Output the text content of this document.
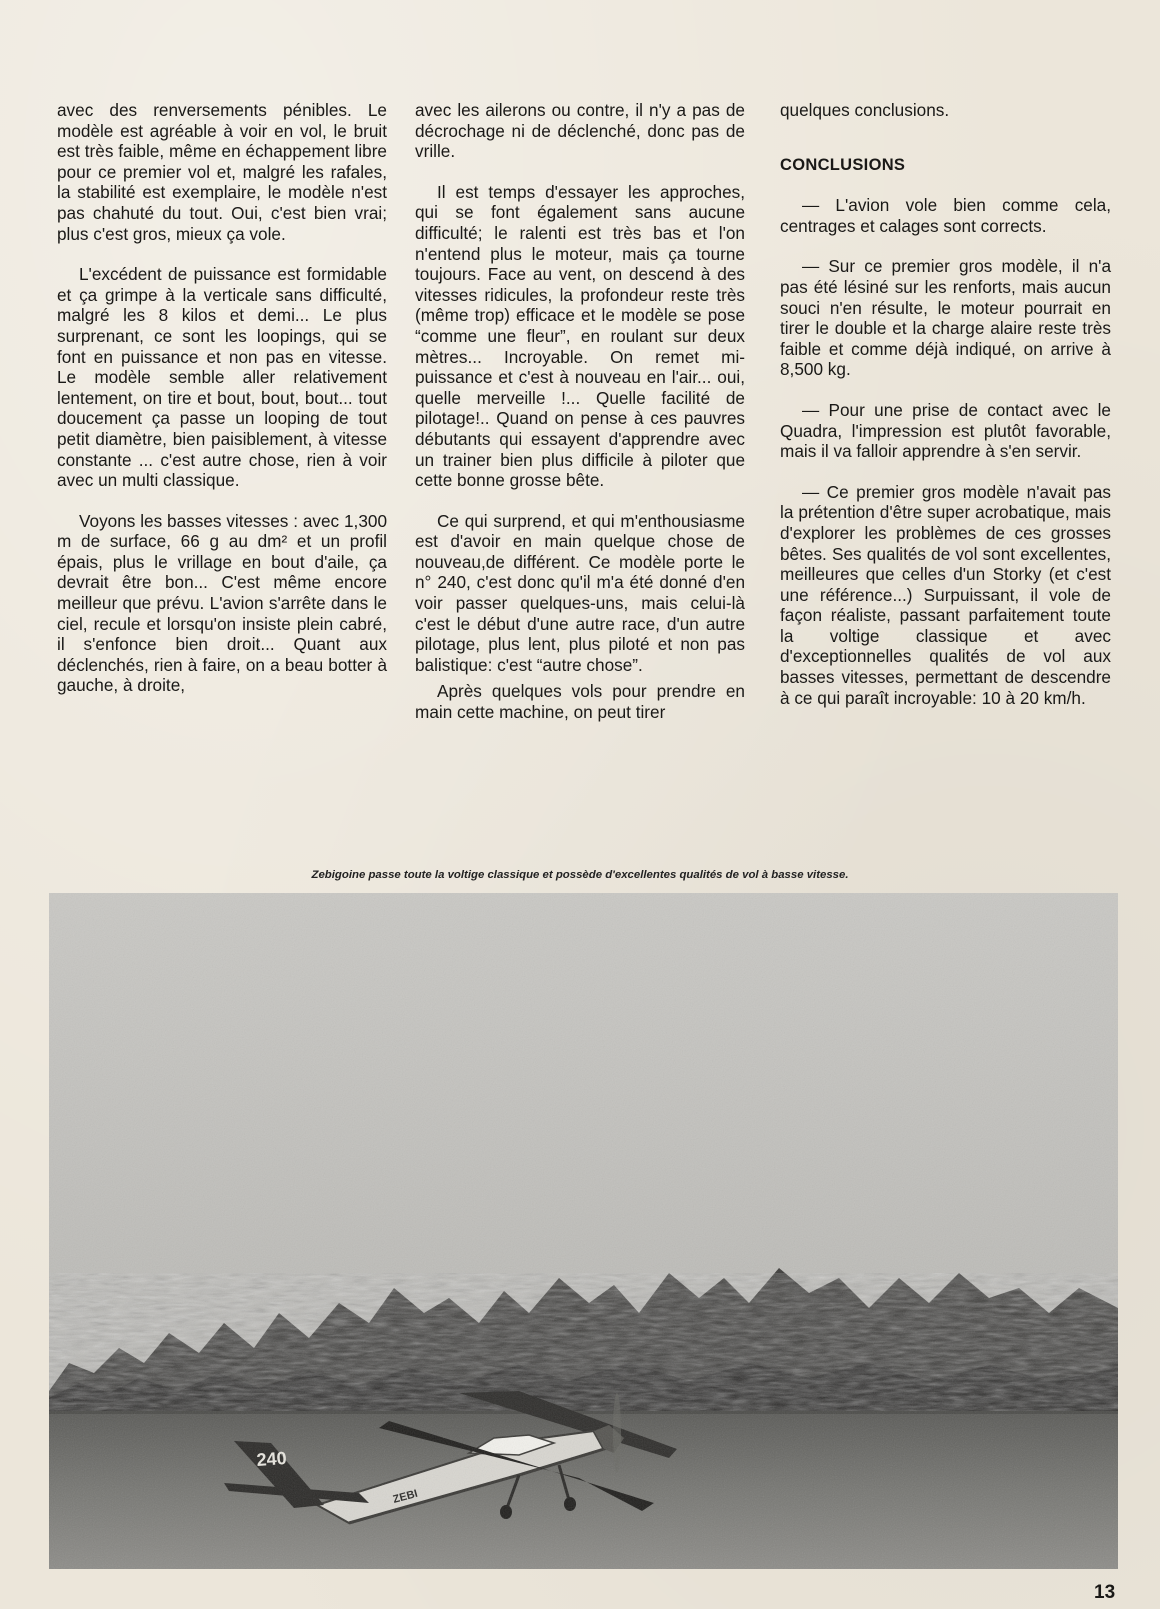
avec des renversements pénibles. Le modèle est agréable à voir en vol, le bruit est très faible, même en échappement libre pour ce premier vol et, malgré les rafales, la stabilité est exemplaire, le modèle n'est pas chahuté du tout. Oui, c'est bien vrai; plus c'est gros, mieux ça vole.

L'excédent de puissance est formidable et ça grimpe à la verticale sans difficulté, malgré les 8 kilos et demi... Le plus surprenant, ce sont les loopings, qui se font en puissance et non pas en vitesse. Le modèle semble aller relativement lentement, on tire et bout, bout, bout... tout doucement ça passe un looping de tout petit diamètre, bien paisiblement, à vitesse constante ... c'est autre chose, rien à voir avec un multi classique.

Voyons les basses vitesses : avec 1,300 m de surface, 66 g au dm² et un profil épais, plus le vrillage en bout d'aile, ça devrait être bon... C'est même encore meilleur que prévu. L'avion s'arrête dans le ciel, recule et lorsqu'on insiste plein cabré, il s'enfonce bien droit... Quant aux déclenchés, rien à faire, on a beau botter à gauche, à droite,

avec les ailerons ou contre, il n'y a pas de décrochage ni de déclenché, donc pas de vrille.

Il est temps d'essayer les approches, qui se font également sans aucune difficulté; le ralenti est très bas et l'on n'entend plus le moteur, mais ça tourne toujours. Face au vent, on descend à des vitesses ridicules, la profondeur reste très (même trop) efficace et le modèle se pose “comme une fleur”, en roulant sur deux mètres... Incroyable. On remet mi-puissance et c'est à nouveau en l'air... oui, quelle merveille !... Quelle facilité de pilotage!.. Quand on pense à ces pauvres débutants qui essayent d'apprendre avec un trainer bien plus difficile à piloter que cette bonne grosse bête.

Ce qui surprend, et qui m'enthousiasme est d'avoir en main quelque chose de nouveau,de différent. Ce modèle porte le n° 240, c'est donc qu'il m'a été donné d'en voir passer quelques-uns, mais celui-là c'est le début d'une autre race, d'un autre pilotage, plus lent, plus piloté et non pas balistique: c'est “autre chose”.

Après quelques vols pour prendre en main cette machine, on peut tirer

quelques conclusions.

CONCLUSIONS

— L'avion vole bien comme cela, centrages et calages sont corrects.

— Sur ce premier gros modèle, il n'a pas été lésiné sur les renforts, mais aucun souci n'en résulte, le moteur pourrait en tirer le double et la charge alaire reste très faible et comme déjà indiqué, on arrive à 8,500 kg.

— Pour une prise de contact avec le Quadra, l'impression est plutôt favorable, mais il va falloir apprendre à s'en servir.

— Ce premier gros modèle n'avait pas la prétention d'être super acrobatique, mais d'explorer les problèmes de ces grosses bêtes. Ses qualités de vol sont excellentes, meilleures que celles d'un Storky (et c'est une référence...) Surpuissant, il vole de façon réaliste, passant parfaitement toute la voltige classique et avec d'exceptionnelles qualités de vol aux basses vitesses, permettant de descendre à ce qui paraît incroyable: 10 à 20 km/h.

Zebigoine passe toute la voltige classique et possède d'excellentes qualités de vol à basse vitesse.
13
